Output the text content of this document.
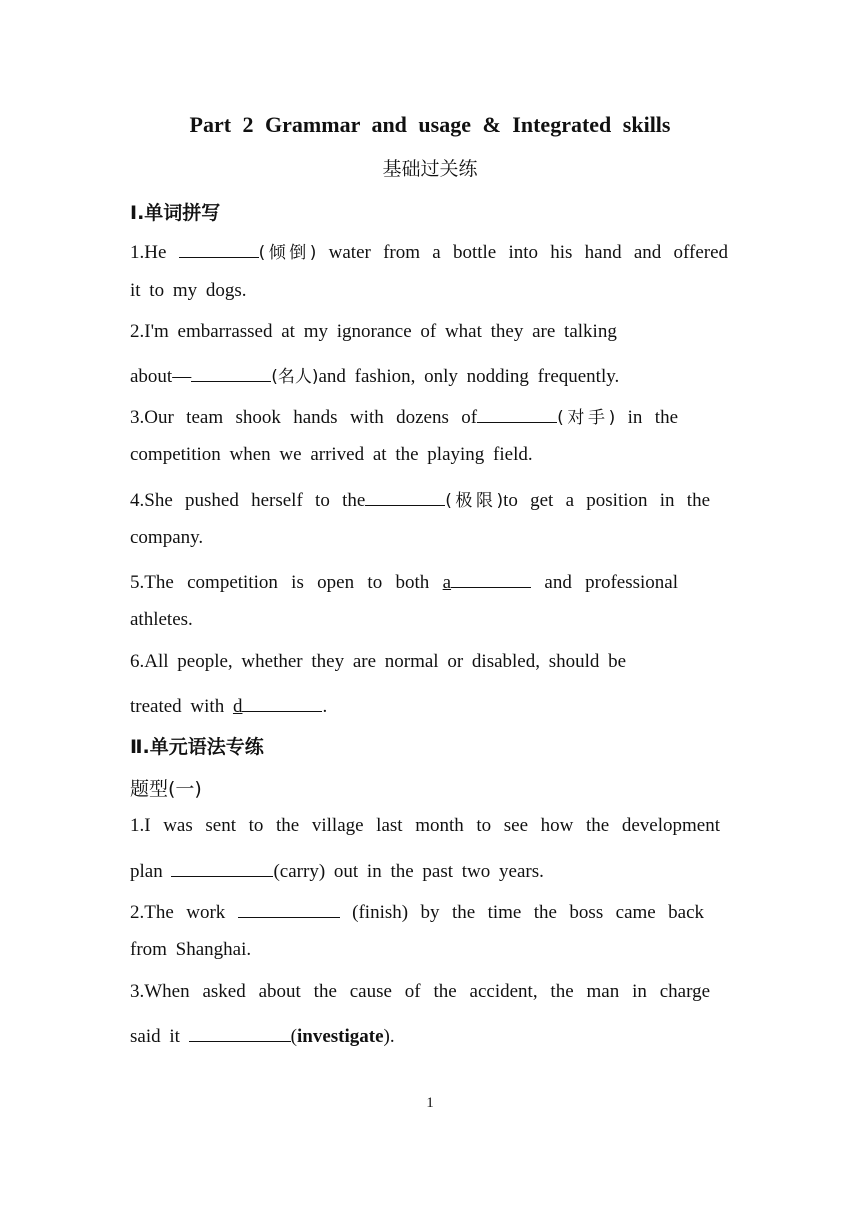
Part 2 Grammar and usage & Integrated skills
基础过关练
Ⅰ.单词拼写
1.He	(倾倒) water from a bottle into his hand and offered
it to my dogs.
2.I'm embarrassed at my ignorance of what they are talking
about—	(名人)and fashion, only nodding frequently.
3.Our team shook hands with dozens of	(对手) in the
competition when we arrived at the playing field.
4.She pushed herself to the	(极限)to get a position in the
company.
5.The competition is open to both a	and professional
athletes.
6.All people, whether they are normal or disabled, should be
treated with d	.
Ⅱ.单元语法专练
题型(一)
1.I was sent to the village last month to see how the development
plan	(carry) out in the past two years.
2.The work	(finish) by the time the boss came back
from Shanghai.
3.When asked about the cause of the accident, the man in charge
said it	(investigate).
1
